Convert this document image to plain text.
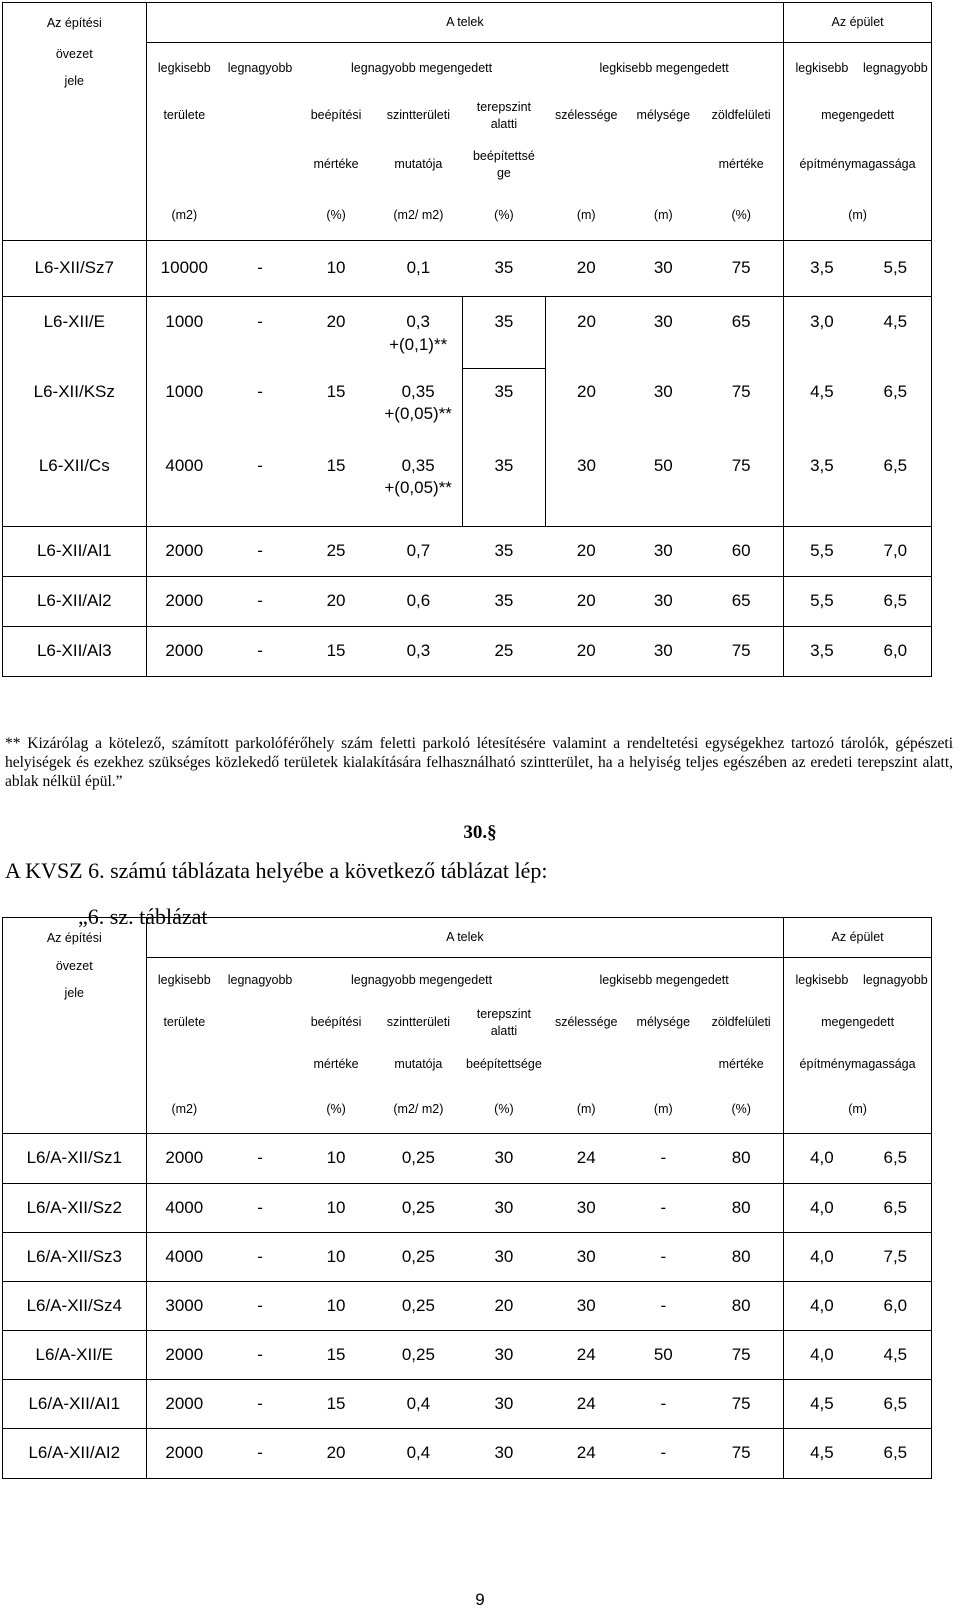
Az építési	A telek								Az épület	

övezet
jele	legkisebb	legnagyobb	legnagyobb megengedett			legkisebb megengedett			legkisebb	legnagyobb
	területe		beépítési	szintterületi	terepszint
alatti	szélessége	mélysége	zöldfelületi	megengedett	
			mértéke	mutatója	beépítettsé
ge			mértéke	építménymagassága	
	(m2)		(%)	(m2/ m2)	(%)	(m)	(m)	(%)	(m)	
L6-XII/Sz7	10000	-	10	0,1	35	20	30	75	3,5	5,5
L6-XII/E	1000	-	20	0,3
+(0,1)**	35	20	30	65	3,0	4,5
L6-XII/KSz	1000	-	15	0,35
+(0,05)**	35	20	30	75	4,5	6,5
L6-XII/Cs	4000	-	15	0,35
+(0,05)**	35	30	50	75	3,5	6,5
L6-XII/Al1	2000	-	25	0,7	35	20	30	60	5,5	7,0
L6-XII/Al2	2000	-	20	0,6	35	20	30	65	5,5	6,5
L6-XII/Al3	2000	-	15	0,3	25	20	30	75	3,5	6,0

** Kizárólag a kötelező, számított parkolóférőhely szám feletti parkoló létesítésére valamint a rendeltetési egységekhez tartozó tárolók, gépészeti helyiségek és ezekhez szükséges közlekedő területek kialakítására felhasználható szintterület, ha a helyiség teljes egészében az eredeti terepszint alatt, ablak nélkül épül.”

30.§

A KVSZ 6. számú táblázata helyébe a következő táblázat lép:

„6. sz. táblázat

Az építési	A telek								Az épület	

övezet
jele	legkisebb	legnagyobb	legnagyobb megengedett			legkisebb megengedett			legkisebb	legnagyobb
	területe		beépítési	szintterületi	terepszint alatti	szélessége	mélysége	zöldfelületi	megengedett	
			mértéke	mutatója	beépítettsége			mértéke	építménymagassága	
	(m2)		(%)	(m2/ m2)	(%)	(m)	(m)	(%)	(m)	
L6/A-XII/Sz1	2000	-	10	0,25	30	24	-	80	4,0	6,5
L6/A-XII/Sz2	4000	-	10	0,25	30	30	-	80	4,0	6,5
L6/A-XII/Sz3	4000	-	10	0,25	30	30	-	80	4,0	7,5
L6/A-XII/Sz4	3000	-	10	0,25	20	30	-	80	4,0	6,0
L6/A-XII/E	2000	-	15	0,25	30	24	50	75	4,0	4,5
L6/A-XII/AI1	2000	-	15	0,4	30	24	-	75	4,5	6,5
L6/A-XII/AI2	2000	-	20	0,4	30	24	-	75	4,5	6,5

9
